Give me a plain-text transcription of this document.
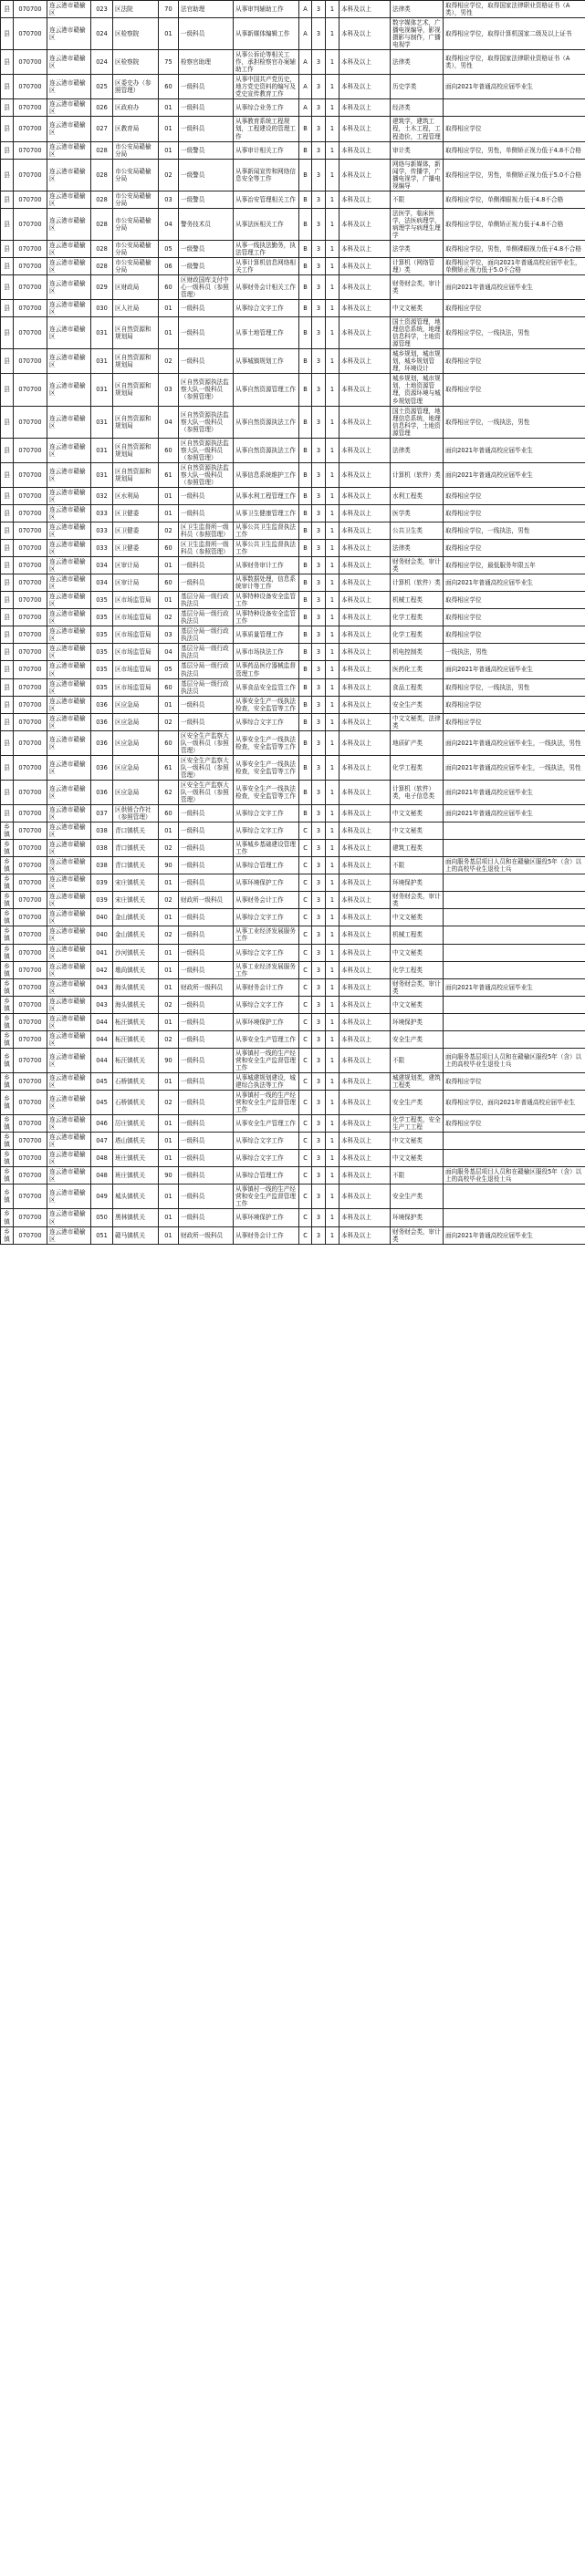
县	070700	连云港市赣榆区	023	区法院	70	法官助理	从事审判辅助工作	A	3	1	本科及以上	法律类	取得相应学位，取得国家法律职业资格证书（A类），男性
县	070700	连云港市赣榆区	024	区检察院	01	一级科员	从事新媒体编辑工作	A	3	1	本科及以上	数字媒体艺术，广播电视编导，影视摄影与制作，广播电视学	取得相应学位，取得计算机国家二级及以上证书
县	070700	连云港市赣榆区	024	区检察院	75	检察官助理	从事公诉论等相关工作，承担检察官办案辅助工作	A	3	1	本科及以上	法律类	取得相应学位，取得国家法律职业资格证书（A类），男性
县	070700	连云港市赣榆区	025	区委史办（参照管理）	60	一级科员	从事中国共产党历史，地方党史资料的编写及党史宣传教育工作	A	3	1	本科及以上	历史学类	面向2021年普通高校应届毕业生
县	070700	连云港市赣榆区	026	区政府办	01	一级科员	从事综合业务工作	A	3	1	本科及以上	经济类	
县	070700	连云港市赣榆区	027	区教育局	01	一级科员	从事教育系统工程规划，工程建设的管理工作	B	3	1	本科及以上	建筑学，建筑工程，土木工程，工程造价，工程管理	取得相应学位
县	070700	连云港市赣榆区	028	市公安局赣榆分局	01	一级警员	从事审计相关工作	B	3	1	本科及以上	审计类	取得相应学位，男性，单侧矫正视力低于4.8不合格
县	070700	连云港市赣榆区	028	市公安局赣榆分局	02	一级警员	从事新闻宣传和网络信息安全等工作	B	3	1	本科及以上	网络与新媒体，新闻学，传播学，广播电视学，广播电视编导	取得相应学位，男性，单侧矫正视力低于5.0不合格
县	070700	连云港市赣榆区	028	市公安局赣榆分局	03	一级警员	从事治安管理相关工作	B	3	1	本科及以上	不限	取得相应学位，单侧裸眼视力低于4.8不合格
县	070700	连云港市赣榆区	028	市公安局赣榆分局	04	警务技术员	从事法医相关工作	B	3	1	本科及以上	法医学，临床医学，法医病理学，病理学与病理生理学	取得相应学位，单侧矫正视力低于4.8不合格
县	070700	连云港市赣榆区	028	市公安局赣榆分局	05	一级警员	从事一线执法勤务，执法管理工作	B	3	1	本科及以上	法学类	取得相应学位，男性，单侧裸眼视力低于4.8不合格
县	070700	连云港市赣榆区	028	市公安局赣榆分局	06	一级警员	从事计算机信息网络相关工作	B	3	1	本科及以上	计算机（网络管理）类	取得相应学位，面向2021年普通高校应届毕业生，单侧矫正视力低于5.0不合格
县	070700	连云港市赣榆区	029	区财政局	60	区财政国库支付中心一级科员（参照管理）	从事财务会计相关工作	B	3	1	本科及以上	财务财会类，审计类	面向2021年普通高校应届毕业生
县	070700	连云港市赣榆区	030	区人社局	01	一级科员	从事综合文字工作	B	3	1	本科及以上	中文文秘类	取得相应学位
县	070700	连云港市赣榆区	031	区自然资源和规划局	01	一级科员	从事土地管理工作	B	3	1	本科及以上	国土资源管理，地理信息系统，地理信息科学，土地资源管理	取得相应学位，一线执法，男性
县	070700	连云港市赣榆区	031	区自然资源和规划局	02	一级科员	从事城镇规划工作	B	3	1	本科及以上	城乡规划，城市规划，城乡规划管理，环境设计	取得相应学位
县	070700	连云港市赣榆区	031	区自然资源和规划局	03	区自然资源执法监察大队一级科员（参照管理）	从事自然资源管理工作	B	3	1	本科及以上	城乡规划，城市规划，土地资源管理，资源环境与城乡规划管理	取得相应学位
县	070700	连云港市赣榆区	031	区自然资源和规划局	04	区自然资源执法监察大队一级科员（参照管理）	从事自然资源执法工作	B	3	1	本科及以上	国土资源管理，地理信息系统，地理信息科学，土地资源管理	取得相应学位，一线执法，男性
县	070700	连云港市赣榆区	031	区自然资源和规划局	60	区自然资源执法监察大队一级科员（参照管理）	从事自然资源执法工作	B	3	1	本科及以上	法律类	面向2021年普通高校应届毕业生
县	070700	连云港市赣榆区	031	区自然资源和规划局	61	区自然资源执法监察大队一级科员（参照管理）	从事信息系统维护工作	B	3	1	本科及以上	计算机（软件）类	面向2021年普通高校应届毕业生
县	070700	连云港市赣榆区	032	区水利局	01	一级科员	从事水利工程管理工作	B	3	1	本科及以上	水利工程类	取得相应学位
县	070700	连云港市赣榆区	033	区卫健委	01	一级科员	从事卫生健康管理工作	B	3	1	本科及以上	医学类	取得相应学位
县	070700	连云港市赣榆区	033	区卫健委	02	区卫生监督所一级科员（参照管理）	从事公共卫生监督执法工作	B	3	1	本科及以上	公共卫生类	取得相应学位，一线执法，男性
县	070700	连云港市赣榆区	033	区卫健委	60	区卫生监督所一级科员（参照管理）	从事公共卫生监督执法工作	B	3	1	本科及以上	法律类	取得相应学位
县	070700	连云港市赣榆区	034	区审计局	01	一级科员	从事财务审计工作	B	3	1	本科及以上	财务财会类，审计类	取得相应学位，最低服务年限五年
县	070700	连云港市赣榆区	034	区审计局	60	一级科员	从事数据处理，信息系统审计等工作	B	3	1	本科及以上	计算机（软件）类	面向2021年普通高校应届毕业生
县	070700	连云港市赣榆区	035	区市场监管局	01	基层分局一级行政执法员	从事特种设备安全监管工作	B	3	1	本科及以上	机械工程类	取得相应学位
县	070700	连云港市赣榆区	035	区市场监管局	02	基层分局一级行政执法员	从事特种设备安全监管工作	B	3	1	本科及以上	化学工程类	取得相应学位
县	070700	连云港市赣榆区	035	区市场监管局	03	基层分局一级行政执法员	从事质量管理工作	B	3	1	本科及以上	化学工程类	取得相应学位
县	070700	连云港市赣榆区	035	区市场监管局	04	基层分局一级行政执法员	从事市场执法工作	B	3	1	本科及以上	机电控制类	一线执法，男性
县	070700	连云港市赣榆区	035	区市场监管局	05	基层分局一级行政执法员	从事药品医疗器械监督管理工作	B	3	1	本科及以上	医药化工类	面向2021年普通高校应届毕业生
县	070700	连云港市赣榆区	035	区市场监管局	60	基层分局一级行政执法员	从事食品安全监管工作	B	3	1	本科及以上	食品工程类	取得相应学位，一线执法，男性
县	070700	连云港市赣榆区	036	区应急局	01	一级科员	从事安全生产一线执法检查，安全监管等工作	B	3	1	本科及以上	安全生产类	取得相应学位
县	070700	连云港市赣榆区	036	区应急局	02	一级科员	从事综合文字工作	B	3	1	本科及以上	中文文秘类，法律类	取得相应学位
县	070700	连云港市赣榆区	036	区应急局	60	区安全生产监察大队一级科员（参照管理）	从事安全生产一线执法检查，安全监管等工作	B	3	1	本科及以上	地质矿产类	面向2021年普通高校应届毕业生，一线执法，男性
县	070700	连云港市赣榆区	036	区应急局	61	区安全生产监察大队一级科员（参照管理）	从事安全生产一线执法检查，安全监管等工作	B	3	1	本科及以上	化学工程类	面向2021年普通高校应届毕业生，一线执法，男性
县	070700	连云港市赣榆区	036	区应急局	62	区安全生产监察大队一级科员（参照管理）	从事安全生产一线执法检查，安全监管等工作	B	3	1	本科及以上	计算机（软件）类，电子信息类	面向2021年普通高校应届毕业生
县	070700	连云港市赣榆区	037	区供销合作社（参照管理）	60	一级科员	从事综合文字工作	B	3	1	本科及以上	中文文秘类	面向2021年普通高校应届毕业生
乡镇	070700	连云港市赣榆区	038	青口镇机关	01	一级科员	从事综合文字工作	C	3	1	本科及以上	中文文秘类	
乡镇	070700	连云港市赣榆区	038	青口镇机关	02	一级科员	从事城乡基础建设管理工作	C	3	1	本科及以上	建筑工程类	
乡镇	070700	连云港市赣榆区	038	青口镇机关	90	一级科员	从事综合管理工作	C	3	1	本科及以上	不限	面向服务基层项目人员和在赣榆区服役5年（含）以上的高校毕业生退役士兵
乡镇	070700	连云港市赣榆区	039	宋庄镇机关	01	一级科员	从事环境保护工作	C	3	1	本科及以上	环境保护类	
乡镇	070700	连云港市赣榆区	039	宋庄镇机关	02	财政所一级科员	从事财务会计工作	C	3	1	本科及以上	财务财会类，审计类	
乡镇	070700	连云港市赣榆区	040	金山镇机关	01	一级科员	从事综合文字工作	C	3	1	本科及以上	中文文秘类	
乡镇	070700	连云港市赣榆区	040	金山镇机关	02	一级科员	从事工业经济发展服务工作	C	3	1	本科及以上	机械工程类	
乡镇	070700	连云港市赣榆区	041	沙河镇机关	01	一级科员	从事综合文字工作	C	3	1	本科及以上	中文文秘类	
乡镇	070700	连云港市赣榆区	042	墩尚镇机关	01	一级科员	从事工业经济发展服务工作	C	3	1	本科及以上	化学工程类	
乡镇	070700	连云港市赣榆区	043	海头镇机关	01	财政所一级科员	从事财务会计工作	C	3	1	本科及以上	财务财会类，审计类	面向2021年普通高校应届毕业生
乡镇	070700	连云港市赣榆区	043	海头镇机关	02	一级科员	从事综合文字工作	C	3	1	本科及以上	中文文秘类	
乡镇	070700	连云港市赣榆区	044	柘汪镇机关	01	一级科员	从事环境保护工作	C	3	1	本科及以上	环境保护类	
乡镇	070700	连云港市赣榆区	044	柘汪镇机关	02	一级科员	从事安全生产管理工作	C	3	1	本科及以上	安全生产类	
乡镇	070700	连云港市赣榆区	044	柘汪镇机关	90	一级科员	从事镇村一线的生产经营和安全生产监督管理工作	C	3	1	本科及以上	不限	面向服务基层项目人员和在赣榆区服役5年（含）以上的高校毕业生退役士兵
乡镇	070700	连云港市赣榆区	045	石桥镇机关	01	一级科员	从事城建规划建设，城建综合执法等工作	C	3	1	本科及以上	城建规划类，建筑工程类	取得相应学位
乡镇	070700	连云港市赣榆区	045	石桥镇机关	02	一级科员	从事镇村一线的生产经营和安全生产监督管理工作	C	3	1	本科及以上	安全生产类	取得相应学位，面向2021年普通高校应届毕业生
乡镇	070700	连云港市赣榆区	046	厉庄镇机关	01	一级科员	从事安全生产管理工作	C	3	1	本科及以上	化学工程类，安全生产工工程	取得相应学位
乡镇	070700	连云港市赣榆区	047	塔山镇机关	01	一级科员	从事综合文字工作	C	3	1	本科及以上	中文文秘类	
乡镇	070700	连云港市赣榆区	048	班庄镇机关	01	一级科员	从事综合文字工作	C	3	1	本科及以上	中文文秘类	
乡镇	070700	连云港市赣榆区	048	班庄镇机关	90	一级科员	从事综合管理工作	C	3	1	本科及以上	不限	面向服务基层项目人员和在赣榆区服役5年（含）以上的高校毕业生退役士兵
乡镇	070700	连云港市赣榆区	049	城头镇机关	01	一级科员	从事镇村一线的生产经营和安全生产监督管理工作	C	3	1	本科及以上	安全生产类	
乡镇	070700	连云港市赣榆区	050	黑林镇机关	01	一级科员	从事环境保护工作	C	3	1	本科及以上	环境保护类	
乡镇	070700	连云港市赣榆区	051	赣马镇机关	01	财政所一级科员	从事财务会计工作	C	3	1	本科及以上	财务财会类，审计类	面向2021年普通高校应届毕业生
